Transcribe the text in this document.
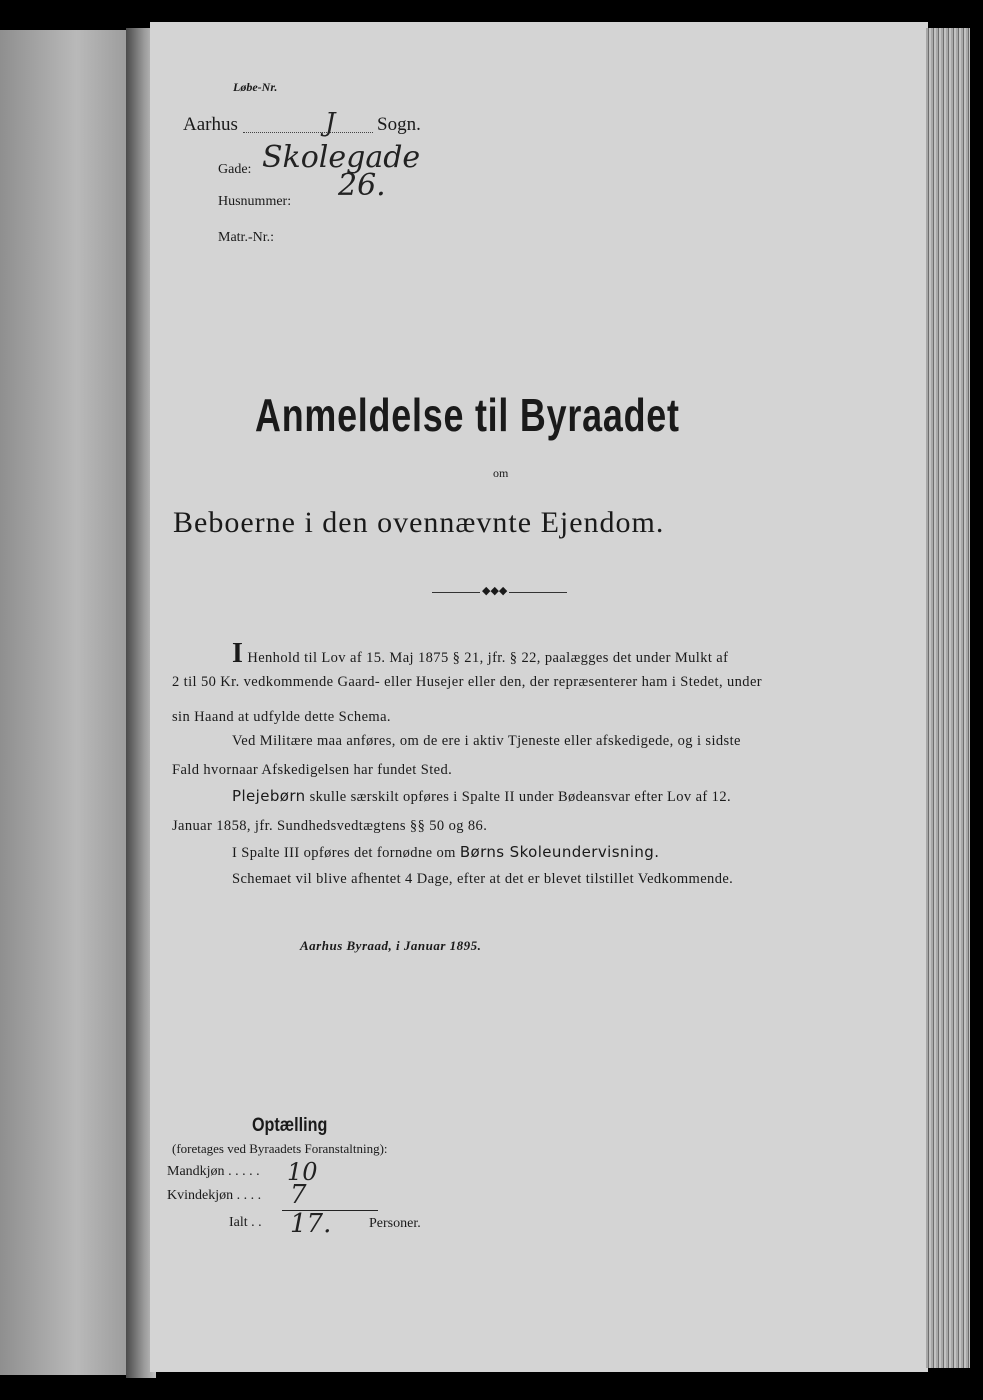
Løbe-Nr.
Aarhus	J Sogn.
Gade: Skolegade
Husnummer: 26.
Matr.-Nr.:
Anmeldelse til Byraadet
om
Beboerne i den ovennævnte Ejendom.
◆◆◆
I Henhold til Lov af 15. Maj 1875 § 21, jfr. § 22, paalægges det under Mulkt af
2 til 50 Kr. vedkommende Gaard- eller Husejer eller den, der repræsenterer ham i Stedet, under
sin Haand at udfylde dette Schema.
Ved Militære maa anføres, om de ere i aktiv Tjeneste eller afskedigede, og i sidste
Fald hvornaar Afskedigelsen har fundet Sted.
Plejebørn skulle særskilt opføres i Spalte II under Bødeansvar efter Lov af 12.
Januar 1858, jfr. Sundhedsvedtægtens §§ 50 og 86.
I Spalte III opføres det fornødne om Børns Skoleundervisning.
Schemaet vil blive afhentet 4 Dage, efter at det er blevet tilstillet Vedkommende.
Aarhus Byraad, i Januar 1895.
Optælling
(foretages ved Byraadets Foranstaltning):
Mandkjøn . . . . . 10
Kvindekjøn . . . . 7
Ialt . . 17.	Personer.
